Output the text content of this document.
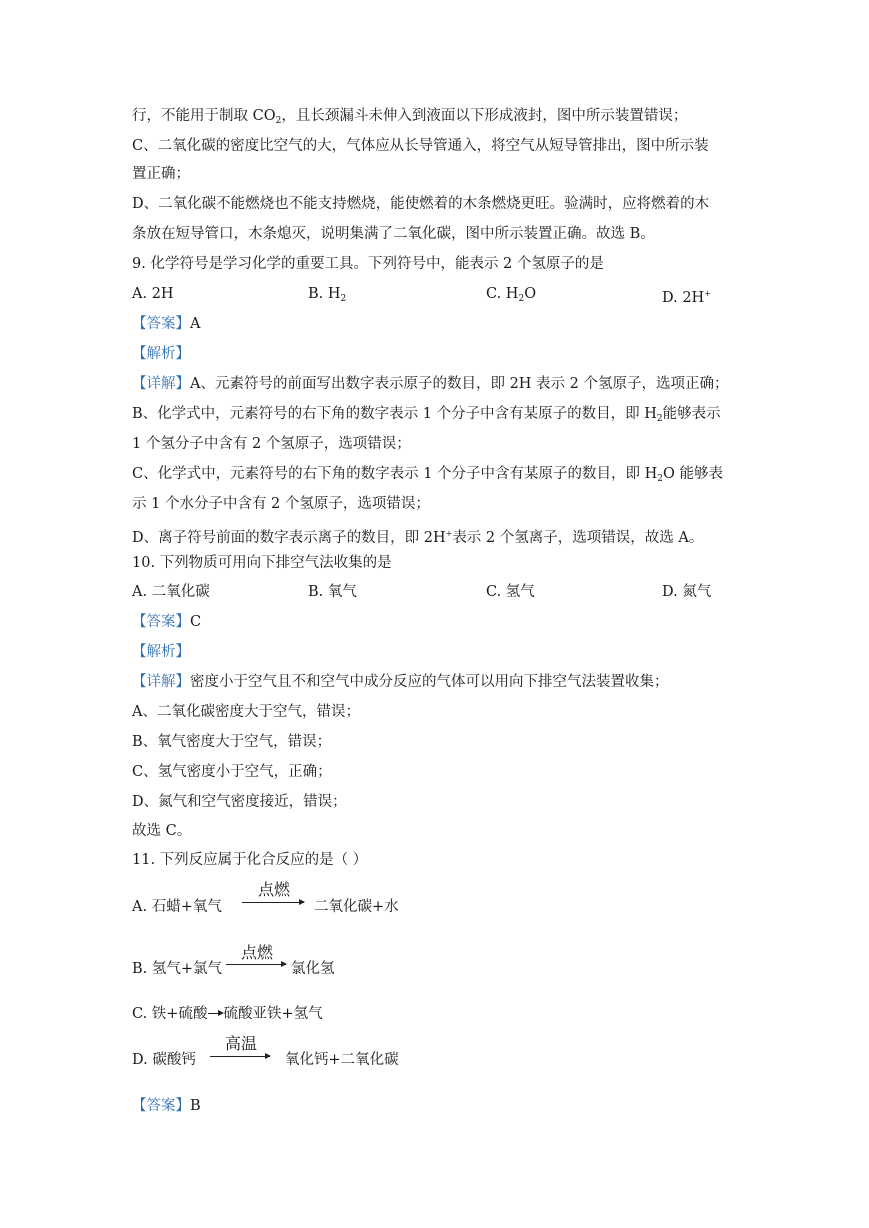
行，不能用于制取 $CO_2$，且长颈漏斗未伸入到液面以下形成液封，图中所示装置错误；
C、二氧化碳的密度比空气的大，气体应从长导管通入，将空气从短导管排出，图中所示装
置正确；
D、二氧化碳不能燃烧也不能支持燃烧，能使燃着的木条燃烧更旺。验满时，应将燃着的木
条放在短导管口，木条熄灭，说明集满了二氧化碳，图中所示装置正确。故选 B。
9. 化学符号是学习化学的重要工具。下列符号中，能表示 2 个氢原子的是
A. 2H	B. $H_2$	C. $H_2O$	D. 2H+
【答案】A
【解析】
【详解】A、元素符号的前面写出数字表示原子的数目，即 2H 表示 2 个氢原子，选项正确；
B、化学式中，元素符号的右下角的数字表示 1 个分子中含有某原子的数目，即 $H_2$能够表示
1 个氢分子中含有 2 个氢原子，选项错误；
C、化学式中，元素符号的右下角的数字表示 1 个分子中含有某原子的数目，即 $H_2O$ 能够表
示 1 个水分子中含有 2 个氢原子，选项错误；
D、离子符号前面的数字表示离子的数目，即 2H+表示 2 个氢离子，选项错误，故选 A。
10. 下列物质可用向下排空气法收集的是
A. 二氧化碳	B. 氧气	C. 氢气	D. 氮气
【答案】C
【解析】
【详解】密度小于空气且不和空气中成分反应的气体可以用向下排空气法装置收集；
A、二氧化碳密度大于空气，错误；
B、氧气密度大于空气，错误；
C、氢气密度小于空气，正确；
D、氮气和空气密度接近，错误；
故选 C。
11. 下列反应属于化合反应的是（ ）
A. 石蜡+氧气
点燃
→ 二氧化碳+水
B. 氢气+氯气
点燃
→ 氯化氢
C. 铁+硫酸 硫酸亚铁+氢气
D. 碳酸钙
高温
→ 氧化钙+二氧化碳
【答案】B
